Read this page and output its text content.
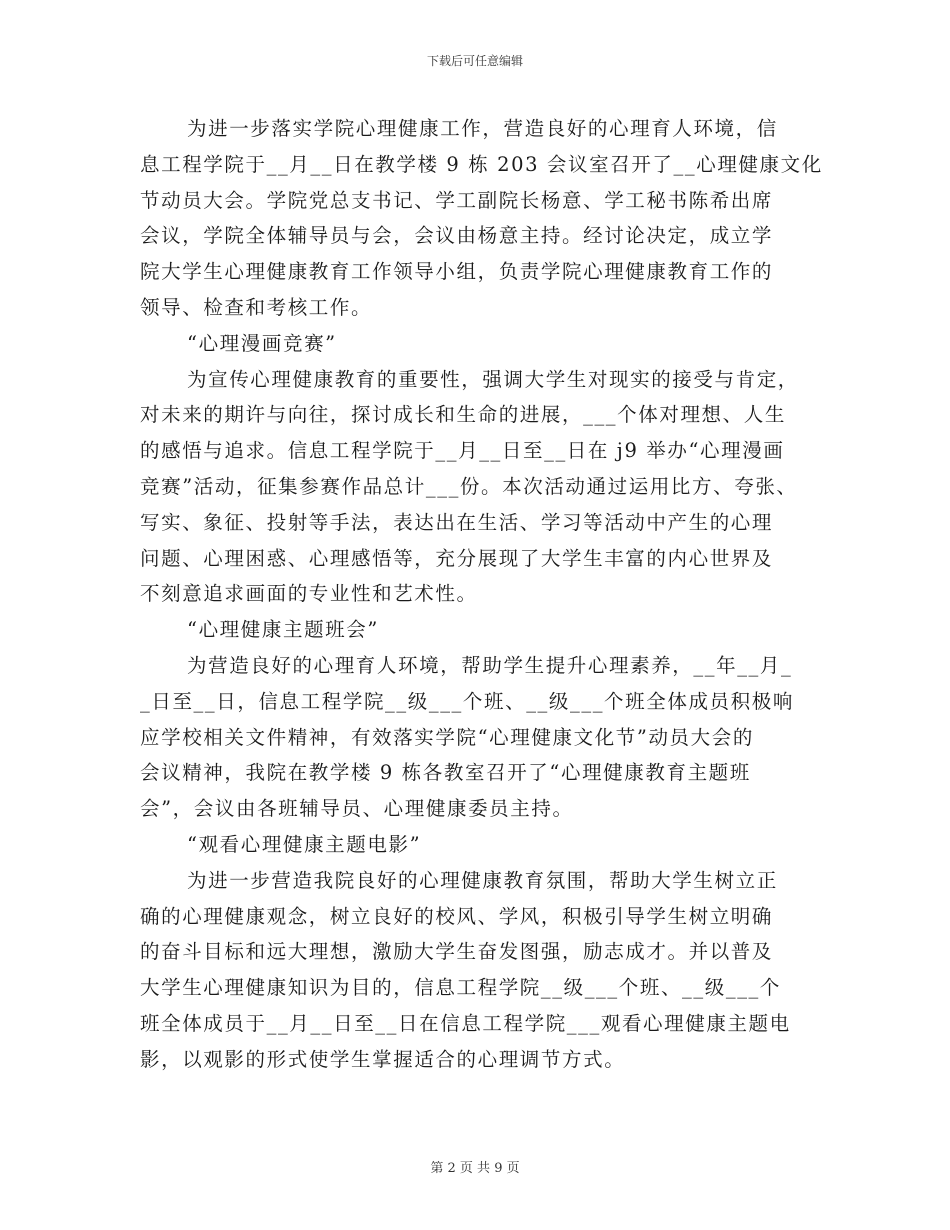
下载后可任意编辑
为进一步落实学院心理健康工作，营造良好的心理育人环境，信
息工程学院于__月__日在教学楼 9 栋 203 会议室召开了__心理健康文化
节动员大会。学院党总支书记、学工副院长杨意、学工秘书陈希出席
会议，学院全体辅导员与会，会议由杨意主持。经讨论决定，成立学
院大学生心理健康教育工作领导小组，负责学院心理健康教育工作的
领导、检查和考核工作。
“心理漫画竞赛”
为宣传心理健康教育的重要性，强调大学生对现实的接受与肯定，
对未来的期许与向往，探讨成长和生命的进展，___个体对理想、人生
的感悟与追求。信息工程学院于__月__日至__日在 j9 举办“心理漫画
竞赛”活动，征集参赛作品总计___份。本次活动通过运用比方、夸张、
写实、象征、投射等手法，表达出在生活、学习等活动中产生的心理
问题、心理困惑、心理感悟等，充分展现了大学生丰富的内心世界及
不刻意追求画面的专业性和艺术性。
“心理健康主题班会”
为营造良好的心理育人环境，帮助学生提升心理素养，__年__月_
_日至__日，信息工程学院__级___个班、__级___个班全体成员积极响
应学校相关文件精神，有效落实学院“心理健康文化节”动员大会的
会议精神，我院在教学楼 9 栋各教室召开了“心理健康教育主题班
会”，会议由各班辅导员、心理健康委员主持。
“观看心理健康主题电影”
为进一步营造我院良好的心理健康教育氛围，帮助大学生树立正
确的心理健康观念，树立良好的校风、学风，积极引导学生树立明确
的奋斗目标和远大理想，激励大学生奋发图强，励志成才。并以普及
大学生心理健康知识为目的，信息工程学院__级___个班、__级___个
班全体成员于__月__日至__日在信息工程学院___观看心理健康主题电
影，以观影的形式使学生掌握适合的心理调节方式。
第 2 页 共 9 页
